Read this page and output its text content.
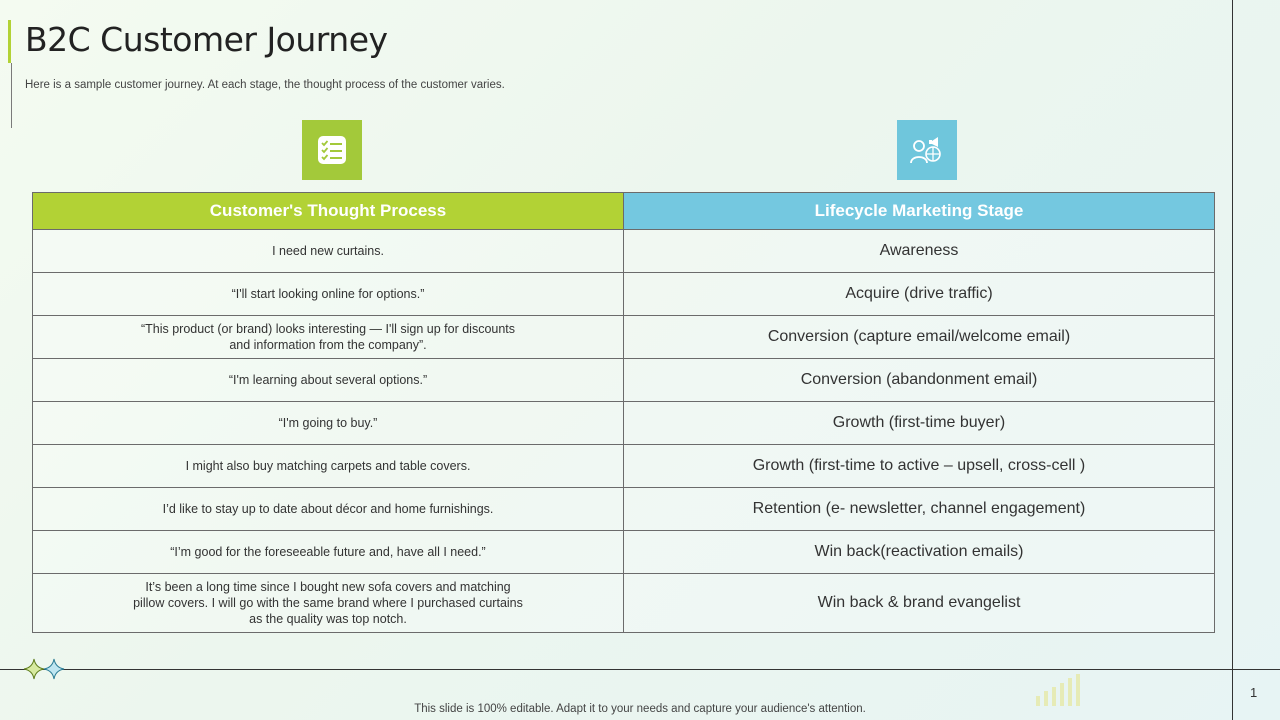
B2C Customer Journey
Here is a sample customer journey. At each stage, the thought process of the customer varies.
Customer's Thought Process	Lifecycle Marketing Stage
I need new curtains.	Awareness
“I'll start looking online for options.”	Acquire (drive traffic)
“This product (or brand) looks interesting — I'll sign up for discounts and information from the company”.	Conversion (capture email/welcome email)
“I'm learning about several options.”	Conversion (abandonment email)
“I'm going to buy.”	Growth (first-time buyer)
I might also buy matching carpets and table covers.	Growth (first-time to active – upsell, cross-cell )
I’d like to stay up to date about décor and home furnishings.	Retention (e- newsletter, channel engagement)
“I’m good for the foreseeable future and, have all I need.”	Win back(reactivation emails)
It’s been a long time since I bought new sofa covers and matching pillow covers. I will go with the same brand where I purchased curtains as the quality was top notch.	Win back & brand evangelist
1
This slide is 100% editable. Adapt it to your needs and capture your audience's attention.
